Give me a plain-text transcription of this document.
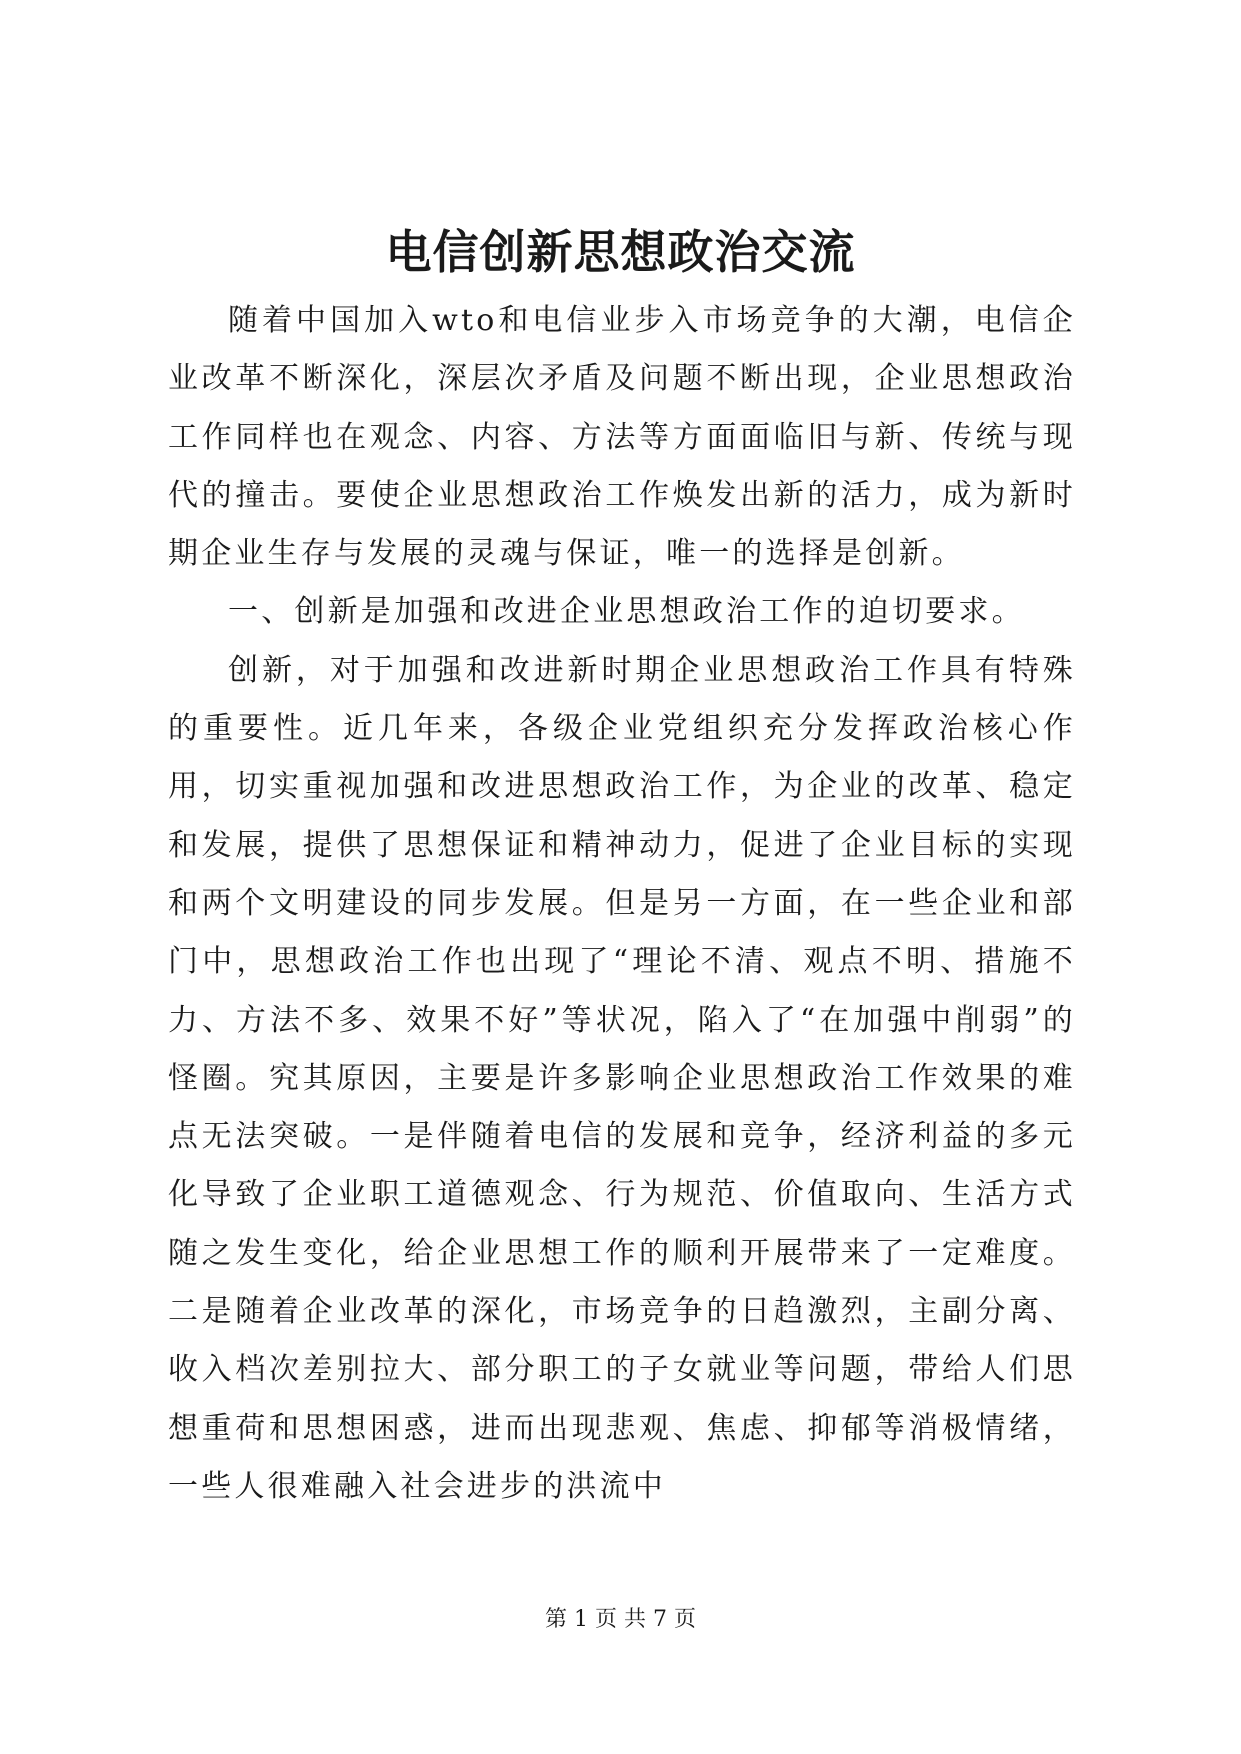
电信创新思想政治交流

随着中国加入wto和电信业步入市场竞争的大潮，电信企业改革不断深化，深层次矛盾及问题不断出现，企业思想政治工作同样也在观念、内容、方法等方面面临旧与新、传统与现代的撞击。要使企业思想政治工作焕发出新的活力，成为新时期企业生存与发展的灵魂与保证，唯一的选择是创新。

一、创新是加强和改进企业思想政治工作的迫切要求。

创新，对于加强和改进新时期企业思想政治工作具有特殊的重要性。近几年来，各级企业党组织充分发挥政治核心作用，切实重视加强和改进思想政治工作，为企业的改革、稳定和发展，提供了思想保证和精神动力，促进了企业目标的实现和两个文明建设的同步发展。但是另一方面，在一些企业和部门中，思想政治工作也出现了“理论不清、观点不明、措施不力、方法不多、效果不好”等状况，陷入了“在加强中削弱”的怪圈。究其原因，主要是许多影响企业思想政治工作效果的难点无法突破。一是伴随着电信的发展和竞争，经济利益的多元化导致了企业职工道德观念、行为规范、价值取向、生活方式随之发生变化，给企业思想工作的顺利开展带来了一定难度。二是随着企业改革的深化，市场竞争的日趋激烈，主副分离、收入档次差别拉大、部分职工的子女就业等问题，带给人们思想重荷和思想困惑，进而出现悲观、焦虑、抑郁等消极情绪，一些人很难融入社会进步的洪流中

第 1 页 共 7 页
